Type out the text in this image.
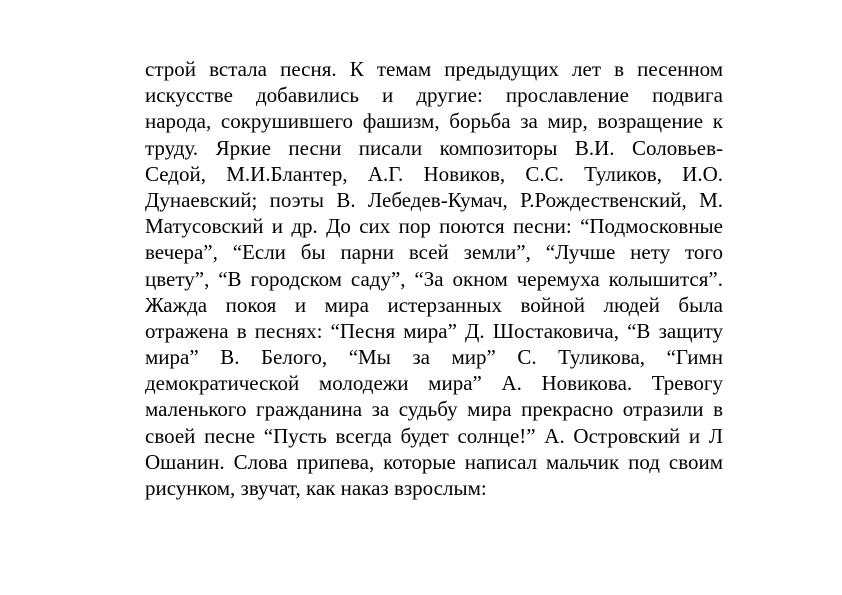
строй встала песня. К темам предыдущих лет в песенном
искусстве добавились и другие: прославление подвига
народа, сокрушившего фашизм, борьба за мир, возращение к
труду. Яркие песни писали композиторы В.И. Соловьев-
Седой, М.И.Блантер, А.Г. Новиков, С.С. Туликов, И.О.
Дунаевский; поэты В. Лебедев-Кумач, Р.Рождественский, М.
Матусовский и др. До сих пор поются песни: “Подмосковные
вечера”, “Если бы парни всей земли”, “Лучше нету того
цвету”, “В городском саду”, “За окном черемуха колышится”.
Жажда покоя и мира истерзанных войной людей была
отражена в песнях: “Песня мира” Д. Шостаковича, “В защиту
мира” В. Белого, “Мы за мир” С. Туликова, “Гимн
демократической молодежи мира” А. Новикова. Тревогу
маленького гражданина за судьбу мира прекрасно отразили в
своей песне “Пусть всегда будет солнце!” А. Островский и Л
Ошанин. Слова припева, которые написал мальчик под своим
рисунком, звучат, как наказ взрослым:
